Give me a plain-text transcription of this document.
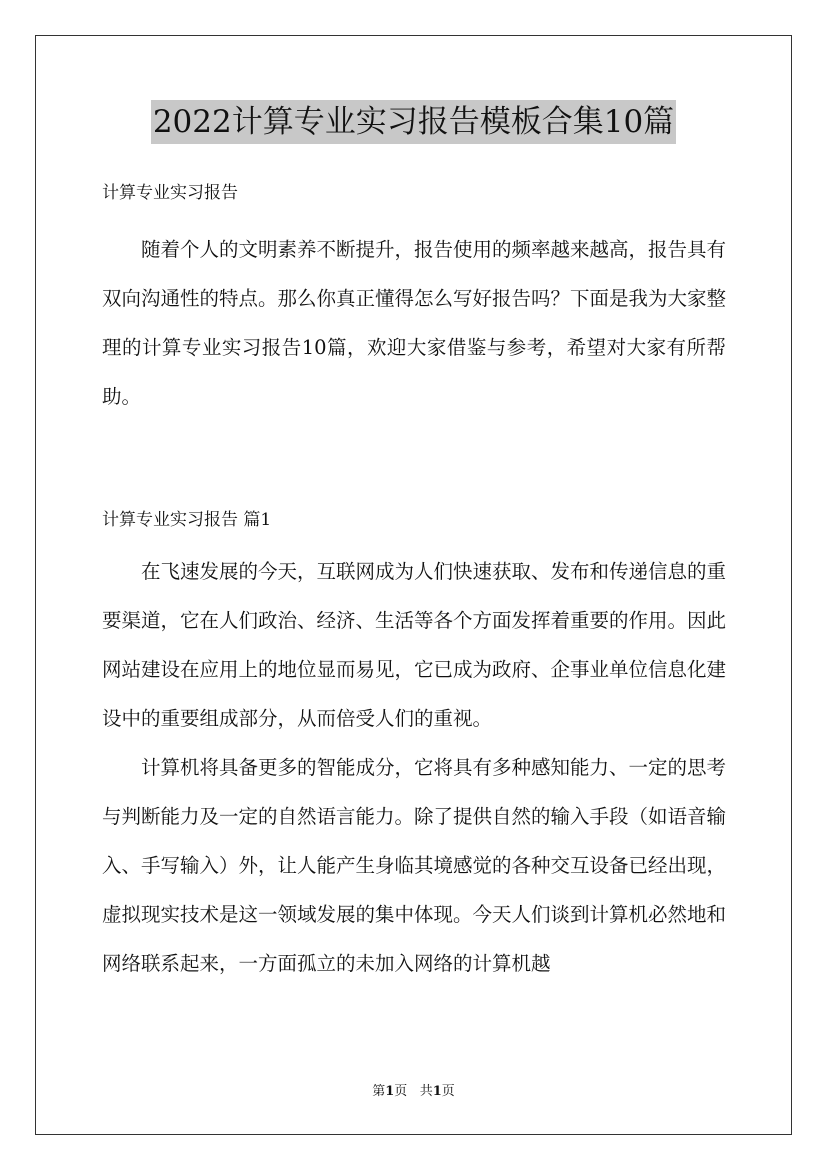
2022计算专业实习报告模板合集10篇
计算专业实习报告

随着个人的文明素养不断提升，报告使用的频率越来越高，报告具有双向沟通性的特点。那么你真正懂得怎么写好报告吗？下面是我为大家整理的计算专业实习报告10篇，欢迎大家借鉴与参考，希望对大家有所帮助。

计算专业实习报告 篇1

在飞速发展的今天，互联网成为人们快速获取、发布和传递信息的重要渠道，它在人们政治、经济、生活等各个方面发挥着重要的作用。因此网站建设在应用上的地位显而易见，它已成为政府、企事业单位信息化建设中的重要组成部分，从而倍受人们的重视。

计算机将具备更多的智能成分，它将具有多种感知能力、一定的思考与判断能力及一定的自然语言能力。除了提供自然的输入手段（如语音输入、手写输入）外，让人能产生身临其境感觉的各种交互设备已经出现，虚拟现实技术是这一领域发展的集中体现。今天人们谈到计算机必然地和网络联系起来，一方面孤立的未加入网络的计算机越

第1页 共1页
